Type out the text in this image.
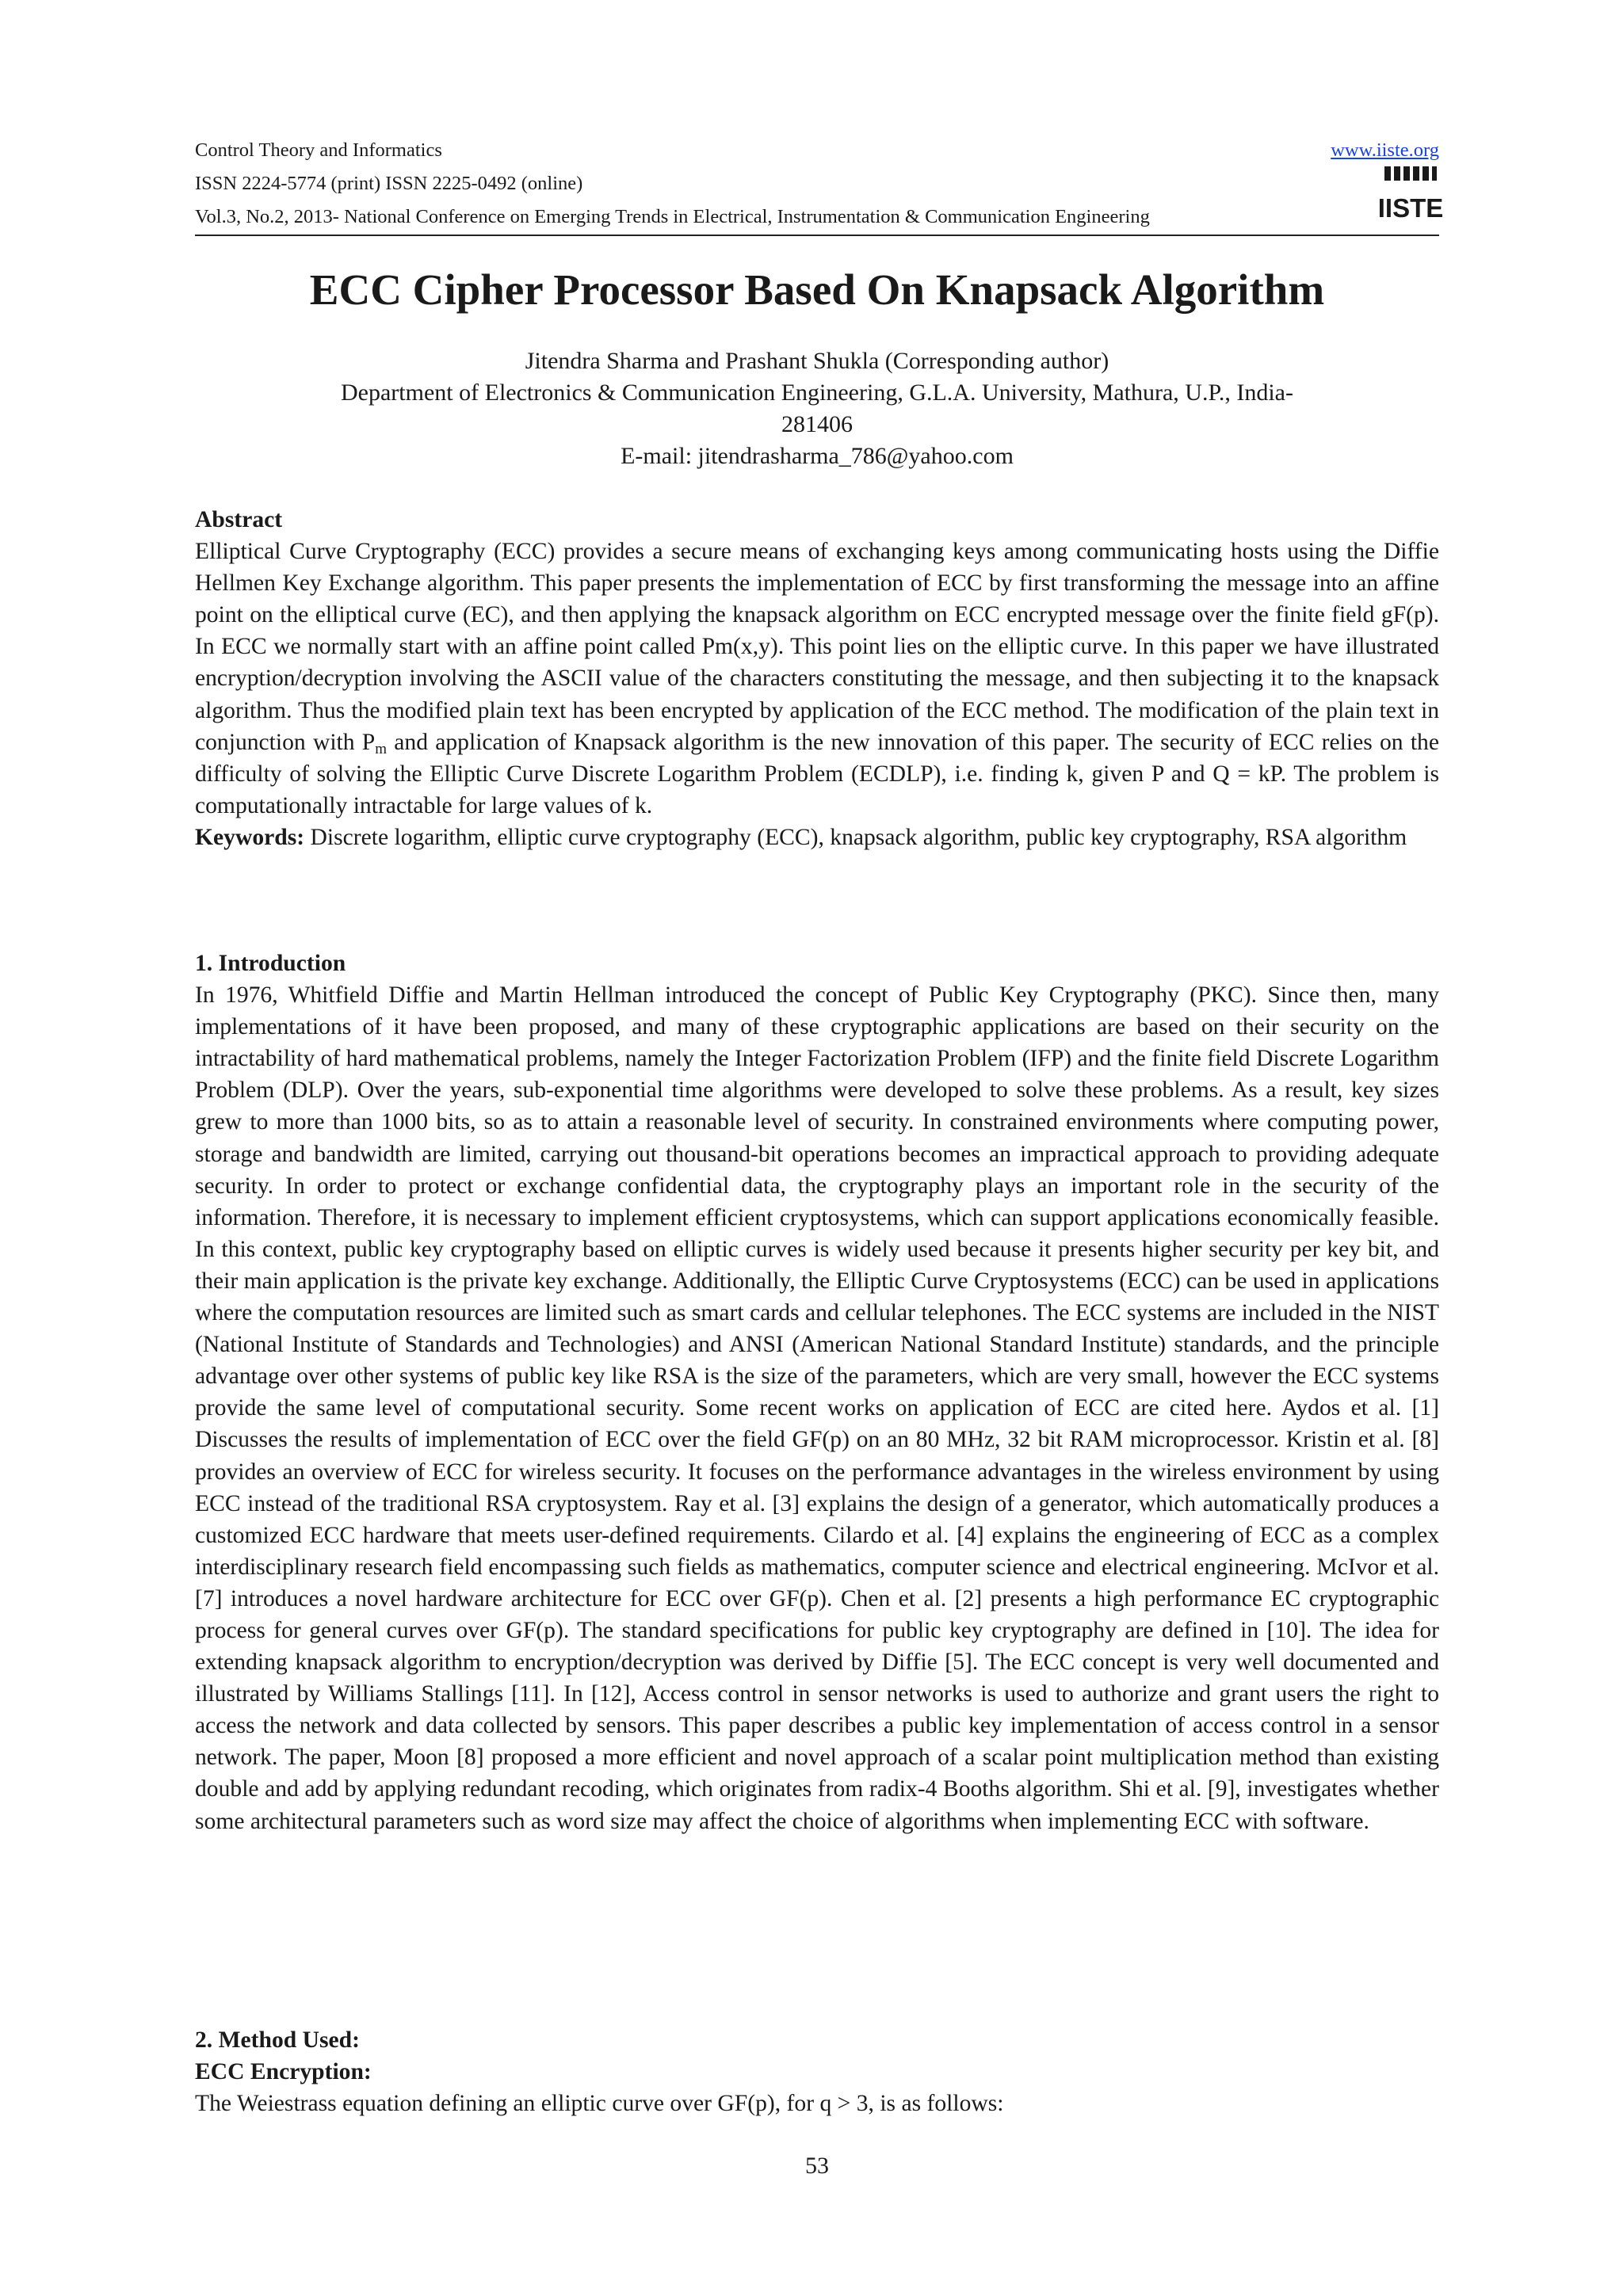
Control Theory and Informatics
ISSN 2224-5774 (print) ISSN 2225-0492 (online)
Vol.3, No.2, 2013- National Conference on Emerging Trends in Electrical, Instrumentation & Communication Engineering
www.iiste.org
IISTE
ECC Cipher Processor Based On Knapsack Algorithm
Jitendra Sharma and Prashant Shukla (Corresponding author)
Department of Electronics & Communication Engineering, G.L.A. University, Mathura, U.P., India-
281406
E-mail: jitendrasharma_786@yahoo.com
Abstract
Elliptical Curve Cryptography (ECC) provides a secure means of exchanging keys among communicating hosts using the Diffie Hellmen Key Exchange algorithm. This paper presents the implementation of ECC by first transforming the message into an affine point on the elliptical curve (EC), and then applying the knapsack algorithm on ECC encrypted message over the finite field gF(p). In ECC we normally start with an affine point called Pm(x,y). This point lies on the elliptic curve. In this paper we have illustrated encryption/decryption involving the ASCII value of the characters constituting the message, and then subjecting it to the knapsack algorithm. Thus the modified plain text has been encrypted by application of the ECC method. The modification of the plain text in conjunction with $P_m$ and application of Knapsack algorithm is the new innovation of this paper. The security of ECC relies on the difficulty of solving the Elliptic Curve Discrete Logarithm Problem (ECDLP), i.e. finding k, given P and Q = kP. The problem is computationally intractable for large values of k.
Keywords: Discrete logarithm, elliptic curve cryptography (ECC), knapsack algorithm, public key cryptography, RSA algorithm
1. Introduction
In 1976, Whitfield Diffie and Martin Hellman introduced the concept of Public Key Cryptography (PKC). Since then, many implementations of it have been proposed, and many of these cryptographic applications are based on their security on the intractability of hard mathematical problems, namely the Integer Factorization Problem (IFP) and the finite field Discrete Logarithm Problem (DLP). Over the years, sub-exponential time algorithms were developed to solve these problems. As a result, key sizes grew to more than 1000 bits, so as to attain a reasonable level of security. In constrained environments where computing power, storage and bandwidth are limited, carrying out thousand-bit operations becomes an impractical approach to providing adequate security. In order to protect or exchange confidential data, the cryptography plays an important role in the security of the information. Therefore, it is necessary to implement efficient cryptosystems, which can support applications economically feasible. In this context, public key cryptography based on elliptic curves is widely used because it presents higher security per key bit, and their main application is the private key exchange. Additionally, the Elliptic Curve Cryptosystems (ECC) can be used in applications where the computation resources are limited such as smart cards and cellular telephones. The ECC systems are included in the NIST (National Institute of Standards and Technologies) and ANSI (American National Standard Institute) standards, and the principle advantage over other systems of public key like RSA is the size of the parameters, which are very small, however the ECC systems provide the same level of computational security. Some recent works on application of ECC are cited here. Aydos et al. [1] Discusses the results of implementation of ECC over the field GF(p) on an 80 MHz, 32 bit RAM microprocessor. Kristin et al. [8] provides an overview of ECC for wireless security. It focuses on the performance advantages in the wireless environment by using ECC instead of the traditional RSA cryptosystem. Ray et al. [3] explains the design of a generator, which automatically produces a customized ECC hardware that meets user-defined requirements. Cilardo et al. [4] explains the engineering of ECC as a complex interdisciplinary research field encompassing such fields as mathematics, computer science and electrical engineering. McIvor et al. [7] introduces a novel hardware architecture for ECC over GF(p). Chen et al. [2] presents a high performance EC cryptographic process for general curves over GF(p). The standard specifications for public key cryptography are defined in [10]. The idea for extending knapsack algorithm to encryption/decryption was derived by Diffie [5]. The ECC concept is very well documented and illustrated by Williams Stallings [11]. In [12], Access control in sensor networks is used to authorize and grant users the right to access the network and data collected by sensors. This paper describes a public key implementation of access control in a sensor network. The paper, Moon [8] proposed a more efficient and novel approach of a scalar point multiplication method than existing double and add by applying redundant recoding, which originates from radix-4 Booths algorithm. Shi et al. [9], investigates whether some architectural parameters such as word size may affect the choice of algorithms when implementing ECC with software.
2. Method Used:
ECC Encryption:
The Weiestrass equation defining an elliptic curve over GF(p), for q > 3, is as follows:
53
